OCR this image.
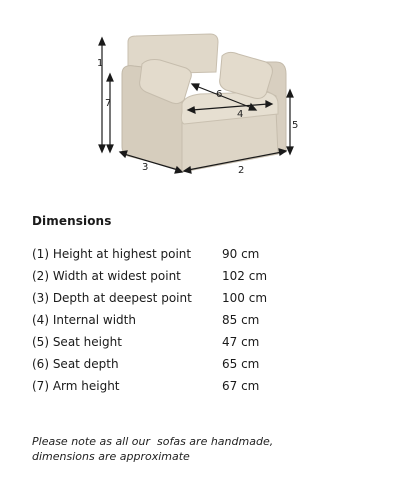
1
7
3	2
6
4
5
Dimensions
(1) Height at highest point	90 cm
(2) Width at widest point	102 cm
(3) Depth at deepest point	100 cm
(4) Internal width	85 cm
(5) Seat height	47 cm
(6) Seat depth	65 cm
(7) Arm height	67 cm
Please note as all our  sofas are handmade,
dimensions are approximate
